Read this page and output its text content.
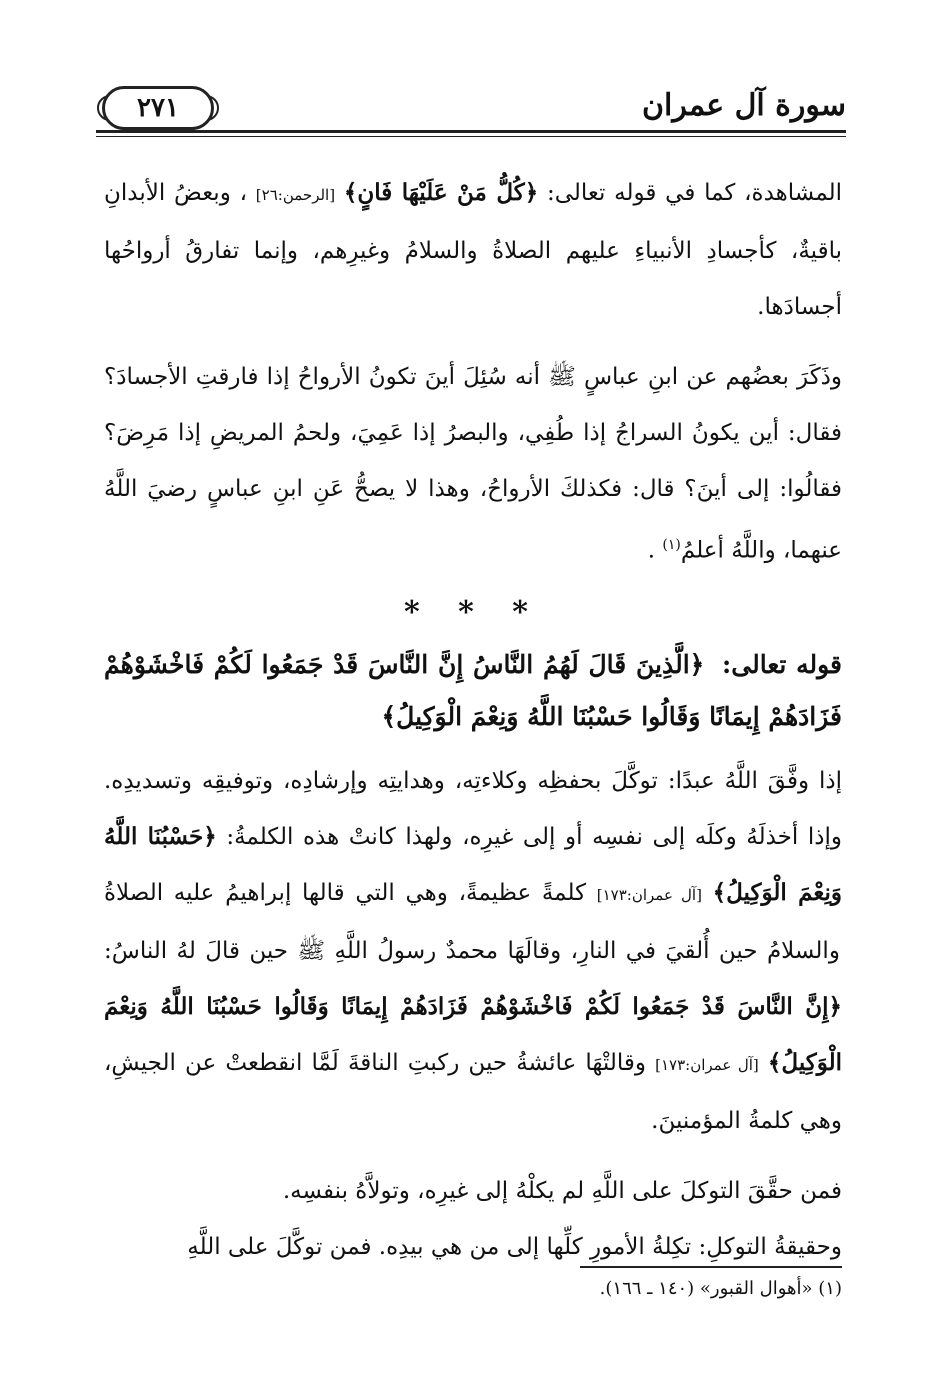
٢٧١	سورة آل عمران

المشاهدة، كما في قوله تعالى: ﴿كُلُّ مَنْ عَلَيْهَا فَانٍ﴾ [الرحمن:٢٦] ، وبعضُ الأبدانِ باقيةٌ، كأجسادِ الأنبياءِ عليهم الصلاةُ والسلامُ وغيرِهم، وإنما تفارقُ أرواحُها أجسادَها.

وذَكَرَ بعضُهم عن ابنِ عباسٍ ﷺ أنه سُئِلَ أينَ تكونُ الأرواحُ إذا فارقتِ الأجسادَ؟ فقال: أين يكونُ السراجُ إذا طُفِي، والبصرُ إذا عَمِيَ، ولحمُ المريضِ إذا مَرِضَ؟ فقالُوا: إلى أينَ؟ قال: فكذلكَ الأرواحُ، وهذا لا يصحُّ عَنِ ابنِ عباسٍ رضيَ اللَّهُ عنهما، واللَّهُ أعلمُ$^{(١)}$ .

* * *
قوله تعالى: ﴿الَّذِينَ قَالَ لَهُمُ النَّاسُ إِنَّ النَّاسَ قَدْ جَمَعُوا لَكُمْ فَاخْشَوْهُمْ فَزَادَهُمْ إِيمَانًا وَقَالُوا حَسْبُنَا اللَّهُ وَنِعْمَ الْوَكِيلُ﴾

إذا وفَّقَ اللَّهُ عبدًا: توكَّلَ بحفظِه وكلاءتِه، وهدايتِه وإرشادِه، وتوفيقِه وتسديدِه. وإذا أخذلَهُ وكلَه إلى نفسِه أو إلى غيرِه، ولهذا كانتْ هذه الكلمةُ: ﴿حَسْبُنَا اللَّهُ وَنِعْمَ الْوَكِيلُ﴾ [آل عمران:١٧٣] كلمةً عظيمةً، وهي التي قالها إبراهيمُ عليه الصلاةُ والسلامُ حين أُلقيَ في النارِ، وقالَهَا محمدٌ رسولُ اللَّهِ ﷺ حين قالَ لهُ الناسُ: ﴿إِنَّ النَّاسَ قَدْ جَمَعُوا لَكُمْ فَاخْشَوْهُمْ فَزَادَهُمْ إِيمَانًا وَقَالُوا حَسْبُنَا اللَّهُ وَنِعْمَ الْوَكِيلُ﴾ [آل عمران:١٧٣] وقالتْهَا عائشةُ حين ركبتِ الناقةَ لَمَّا انقطعتْ عن الجيشِ، وهي كلمةُ المؤمنينَ.

فمن حقَّقَ التوكلَ على اللَّهِ لم يكلْهُ إلى غيرِه، وتولاَّهُ بنفسِه.

وحقيقةُ التوكلِ: تكِلةُ الأمورِ كلِّها إلى من هي بيدِه. فمن توكَّلَ على اللَّهِ

(١) «أهوال القبور» (١٤٠ ـ ١٦٦).
